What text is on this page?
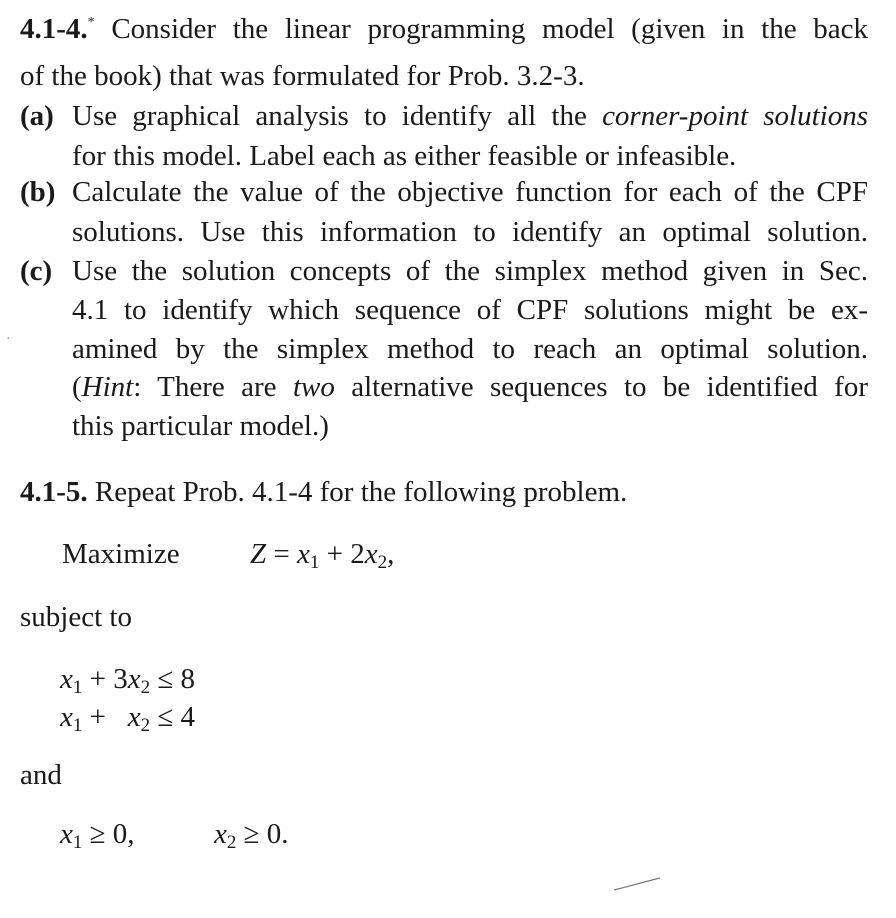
4.1-4.* Consider the linear programming model (given in the back
of the book) that was formulated for Prob. 3.2-3.
(a) Use graphical analysis to identify all the corner-point solutions
for this model. Label each as either feasible or infeasible.
(b) Calculate the value of the objective function for each of the CPF
solutions. Use this information to identify an optimal solution.
(c) Use the solution concepts of the simplex method given in Sec.
4.1 to identify which sequence of CPF solutions might be ex-
amined by the simplex method to reach an optimal solution.
(Hint: There are two alternative sequences to be identified for
this particular model.)
4.1-5. Repeat Prob. 4.1-4 for the following problem.
Maximize $Z = x_1 + 2x_2$,
subject to
$x_1 + 3x_2 \le 8$
$x_1 + x_2 \le 4$
and
$x_1 \ge 0$,	$x_2 \ge 0$.
·
